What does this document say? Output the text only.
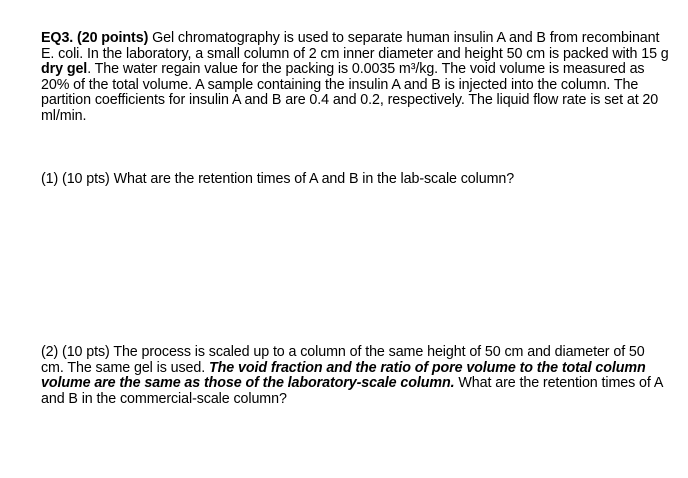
EQ3. (20 points) Gel chromatography is used to separate human insulin A and B from recombinant E. coli. In the laboratory, a small column of 2 cm inner diameter and height 50 cm is packed with 15 g dry gel. The water regain value for the packing is 0.0035 m³/kg. The void volume is measured as 20% of the total volume. A sample containing the insulin A and B is injected into the column. The partition coefficients for insulin A and B are 0.4 and 0.2, respectively. The liquid flow rate is set at 20 ml/min.
(1) (10 pts) What are the retention times of A and B in the lab-scale column?
(2) (10 pts) The process is scaled up to a column of the same height of 50 cm and diameter of 50 cm. The same gel is used. The void fraction and the ratio of pore volume to the total column volume are the same as those of the laboratory-scale column. What are the retention times of A and B in the commercial-scale column?
